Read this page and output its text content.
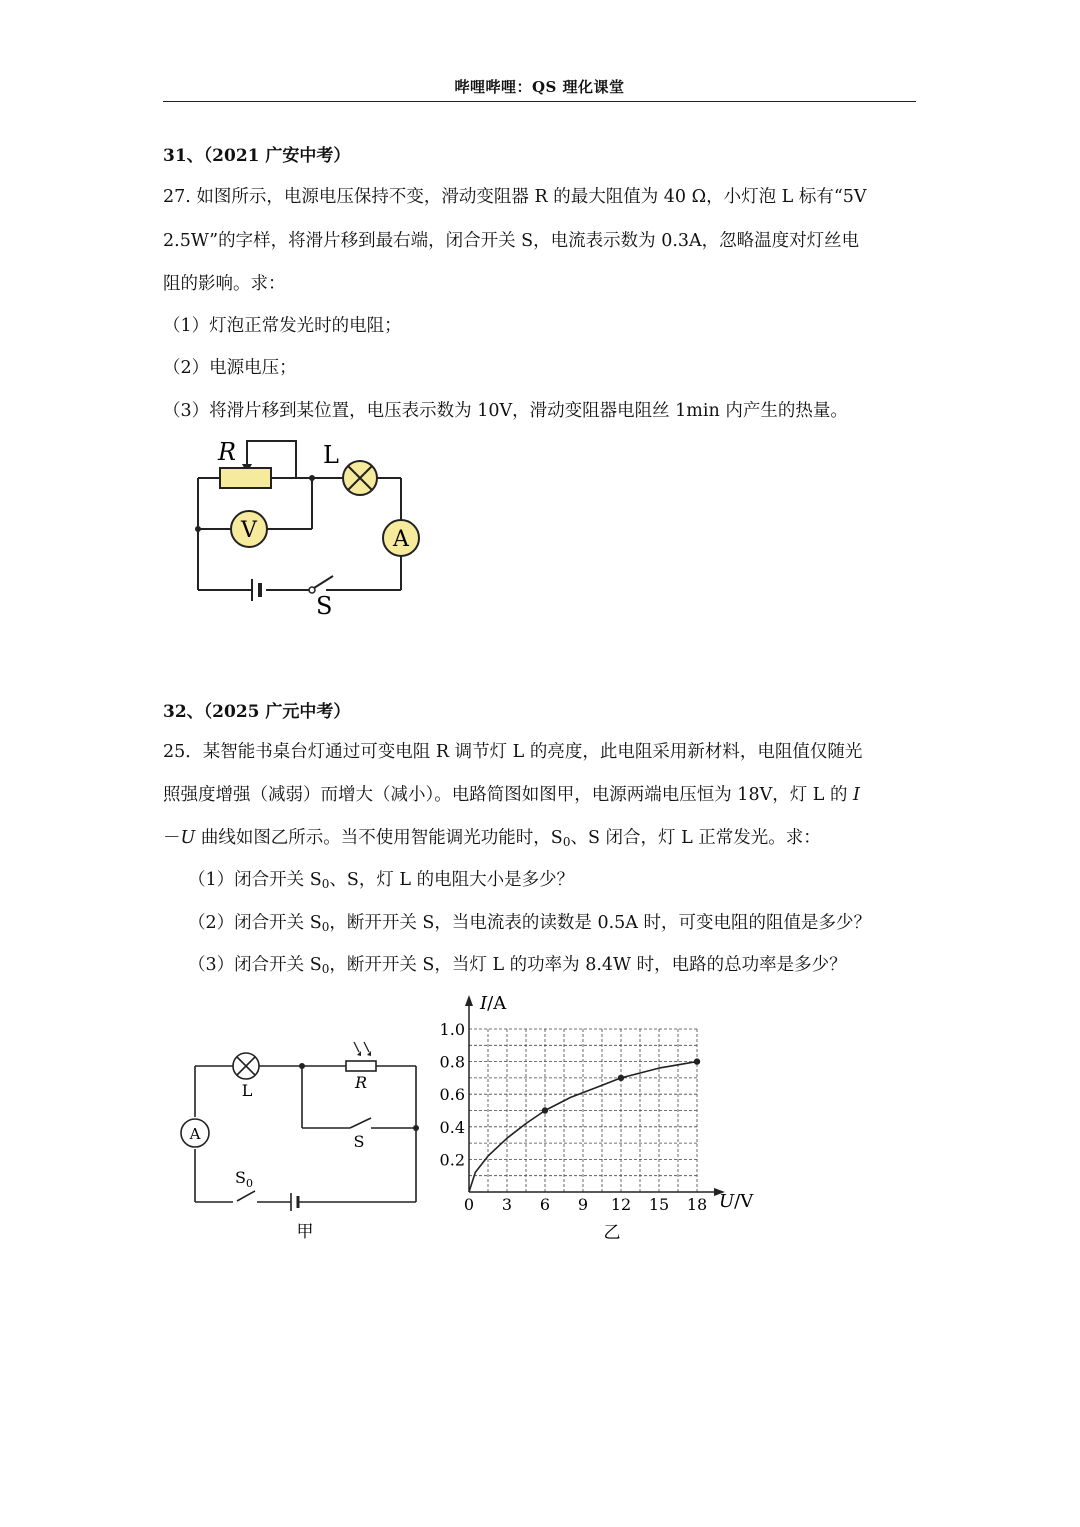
哔哩哔哩：QS 理化课堂
31、（2021 广安中考）
27. 如图所示，电源电压保持不变，滑动变阻器 R 的最大阻值为 40 Ω，小灯泡 L 标有“5V
2.5W”的字样，将滑片移到最右端，闭合开关 S，电流表示数为 0.3A，忽略温度对灯丝电
阻的影响。求：
（1）灯泡正常发光时的电阻；
（2）电源电压；
（3）将滑片移到某位置，电压表示数为 10V，滑动变阻器电阻丝 1min 内产生的热量。
V	A
R	L
S
32、（2025 广元中考）
25．某智能书桌台灯通过可变电阻 R 调节灯 L 的亮度，此电阻采用新材料，电阻值仅随光
照强度增强（减弱）而增大（减小）。电路简图如图甲，电源两端电压恒为 18V，灯 L 的 I
－U 曲线如图乙所示。当不使用智能调光功能时，$S_0$、S 闭合，灯 L 正常发光。求：
（1）闭合开关 $S_0$、S，灯 L 的电阻大小是多少？
（2）闭合开关 $S_0$，断开开关 S，当电流表的读数是 0.5A 时，可变电阻的阻值是多少？
（3）闭合开关 $S_0$，断开开关 S，当灯 L 的功率为 8.4W 时，电路的总功率是多少？
A
L	R
S
$S_0$
甲
0 3 6 9 12 15 18
0.2
0.4
0.6
0.8
1.0
I/A
U/V
乙
